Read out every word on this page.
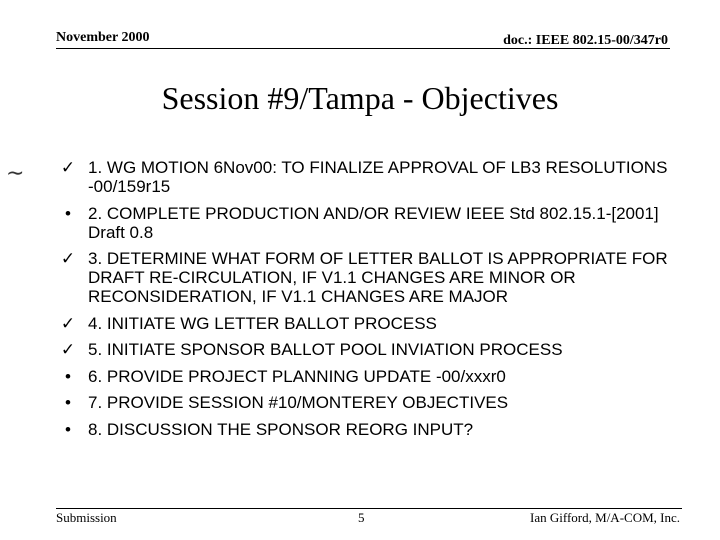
November 2000	doc.: IEEE 802.15-00/347r0
Session #9/Tampa - Objectives
∼ ✓ 1. WG MOTION 6Nov00: TO FINALIZE APPROVAL OF LB3 RESOLUTIONS -00/159r15
•	2. COMPLETE PRODUCTION AND/OR REVIEW IEEE Std 802.15.1-[2001] Draft 0.8
✓ 3. DETERMINE WHAT FORM OF LETTER BALLOT IS APPROPRIATE FOR DRAFT RE-CIRCULATION, IF V1.1 CHANGES ARE MINOR OR RECONSIDERATION, IF V1.1 CHANGES ARE MAJOR
✓ 4. INITIATE WG LETTER BALLOT PROCESS
✓ 5. INITIATE SPONSOR BALLOT POOL INVIATION PROCESS
•	6. PROVIDE PROJECT PLANNING UPDATE -00/xxxr0
•	7. PROVIDE SESSION #10/MONTEREY OBJECTIVES
•	8. DISCUSSION THE SPONSOR REORG INPUT?
Submission	5	Ian Gifford, M/A-COM, Inc.
